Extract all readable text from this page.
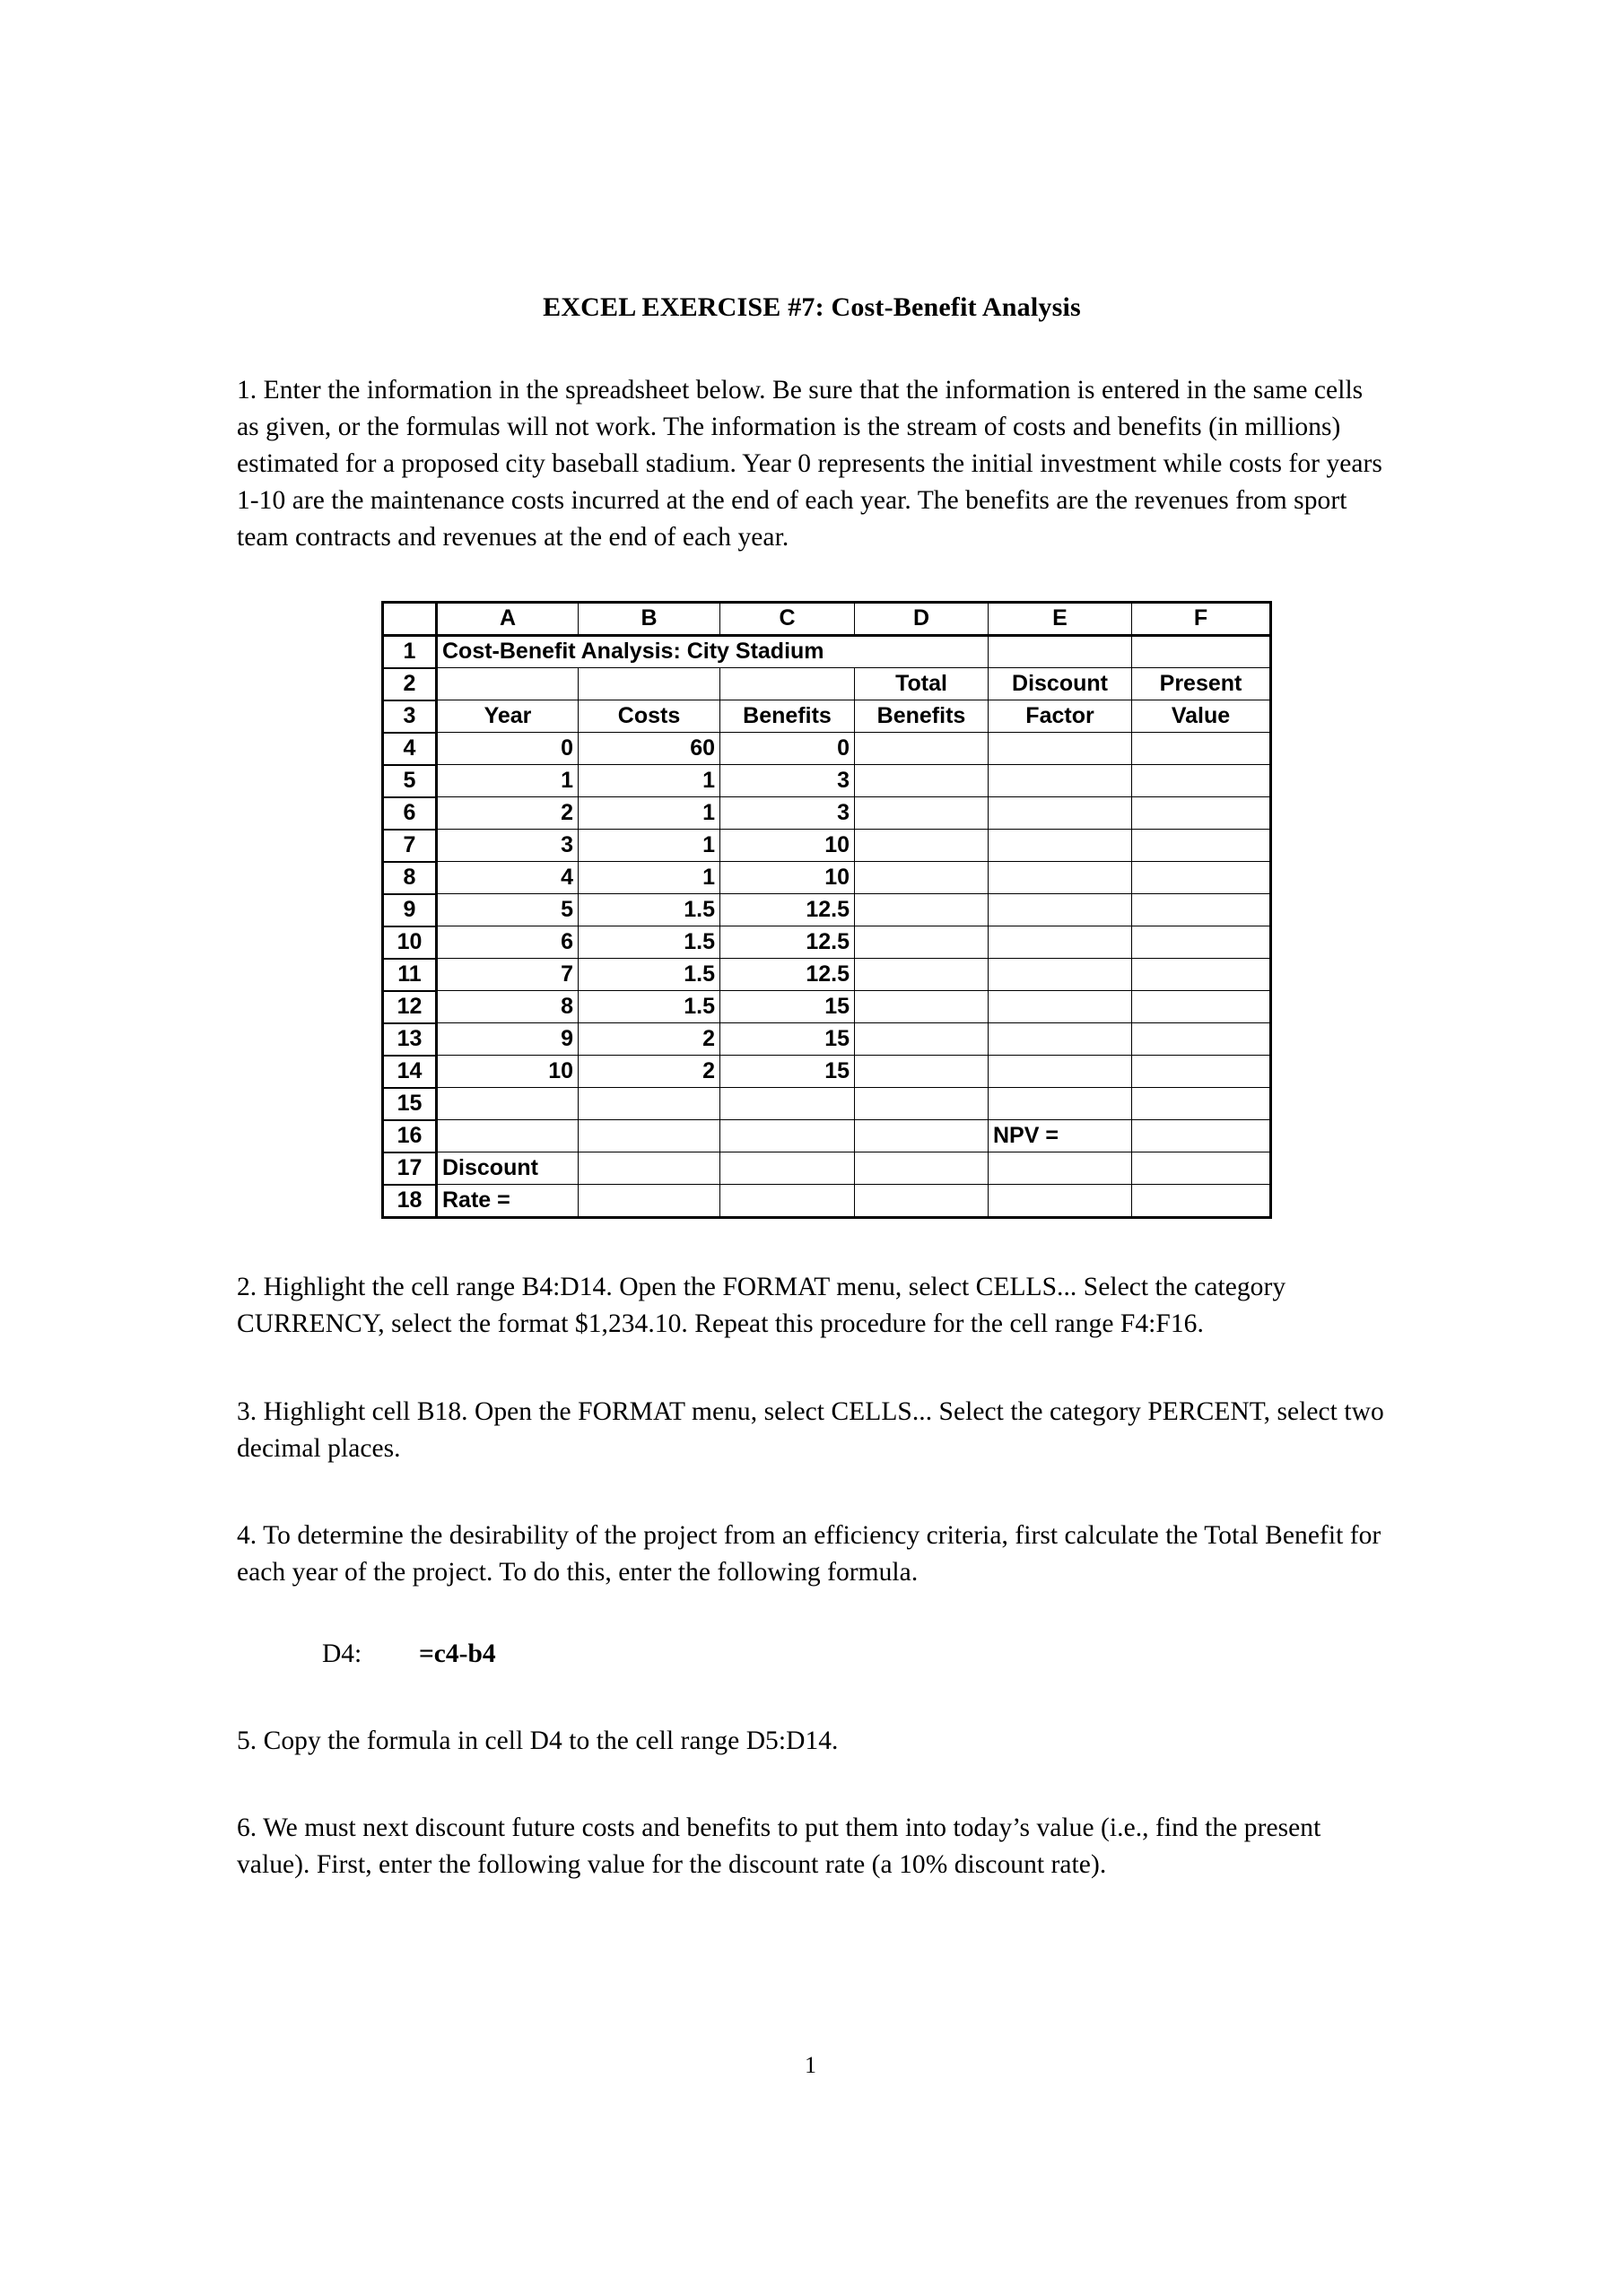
EXCEL EXERCISE #7: Cost-Benefit Analysis

1. Enter the information in the spreadsheet below. Be sure that the information is entered in the same cells as given, or the formulas will not work. The information is the stream of costs and benefits (in millions) estimated for a proposed city baseball stadium. Year 0 represents the initial investment while costs for years 1-10 are the maintenance costs incurred at the end of each year. The benefits are the revenues from sport team contracts and revenues at the end of each year.

	A	B	C	D	E	F
1	Cost-Benefit Analysis: City Stadium					
2				Total	Discount	Present
3	Year	Costs	Benefits	Benefits	Factor	Value
4	0	60	0			
5	1	1	3			
6	2	1	3			
7	3	1	10			
8	4	1	10			
9	5	1.5	12.5			
10	6	1.5	12.5			
11	7	1.5	12.5			
12	8	1.5	15			
13	9	2	15			
14	10	2	15			
15						
16					NPV =	
17	Discount					
18	Rate =					

2. Highlight the cell range B4:D14. Open the FORMAT menu, select CELLS... Select the category CURRENCY, select the format $1,234.10. Repeat this procedure for the cell range F4:F16.

3. Highlight cell B18. Open the FORMAT menu, select CELLS... Select the category PERCENT, select two decimal places.

4. To determine the desirability of the project from an efficiency criteria, first calculate the Total Benefit for each year of the project. To do this, enter the following formula.

D4: =c4-b4

5. Copy the formula in cell D4 to the cell range D5:D14.

6. We must next discount future costs and benefits to put them into today’s value (i.e., find the present value). First, enter the following value for the discount rate (a 10% discount rate).

1
